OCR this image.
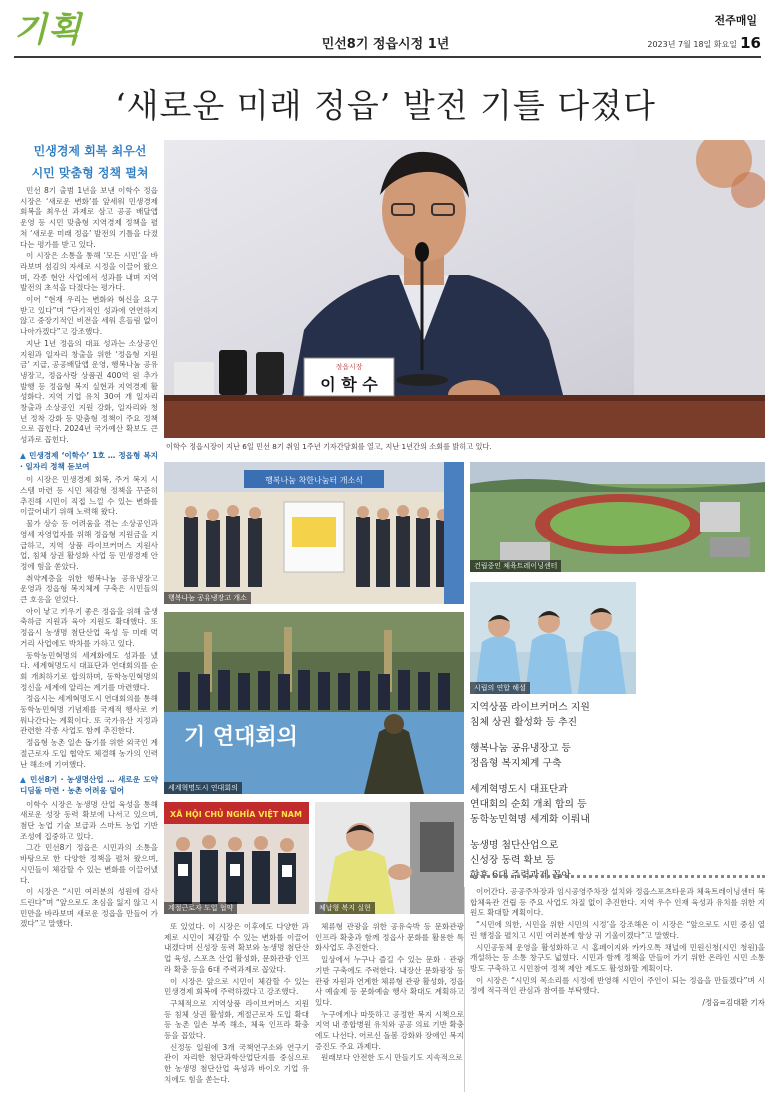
기획	민선8기 정읍시정 1년
전주매일
2023년 7월 18일 화요일 16
‘새로운 미래 정읍’ 발전 기틀 다졌다
민생경제 회복 최우선
시민 맞춤형 정책 펼쳐
정읍시장
이 학 수
이학수 정읍시장이 지난 6일 민선 8기 취임 1주년 기자간담회를 열고, 지난 1년간의 소회를 밝히고 있다.
행복나눔 착한나눔터 개소식
행복나눔 공유냉장고 개소
건립중인 체육트레이닝센터
시립의 연합 해설
기 연대회의
세계혁명도시 연대회의
XÃ HỘI CHỦ NGHĨA VIỆT NAM
계절근로자 도입 협약	체납형 복지 실현
지역상품 라이브커머스 지원
침체 상권 활성화 등 추진
행복나눔 공유냉장고 등
정읍형 복지체계 구축
세계혁명도시 대표단과
연대회의 순회 개최 합의 등
동학농민혁명 세계화 이뤄내
농생명 첨단산업으로
신성장 동력 확보 등
향후 6대 주력과제 꼽아

민선 8기 출범 1년을 보낸 이학수 정읍시장은 ‘새로운 변화’를 앞세워 민생경제 회복을 최우선 과제로 삼고 공공 배달앱 운영 등 시민 맞춤형 지역경제 정책을 펼쳐 ‘새로운 미래 정읍’ 발전의 기틀을 다졌다는 평가를 받고 있다.

이 시장은 소통을 통해 ‘모든 시민’을 바라보며 섬김의 자세로 시정을 이끌어 왔으며, 각종 현안 사업에서 성과를 내며 지역 발전의 초석을 다졌다는 평가다.

이어 “현재 우리는 변화와 혁신을 요구받고 있다”며 “단기적인 성과에 연연하지 않고 중장기적인 비전을 세워 흔들림 없이 나아가겠다”고 강조했다.

지난 1년 정읍의 대표 성과는 소상공인 지원과 일자리 창출을 위한 ‘정읍형 지원금’ 지급, 공공배달앱 운영, 행복나눔 공유냉장고, 정읍사랑 상품권 400억 원 추가 발행 등 정읍형 복지 실현과 지역경제 활성화다. 지역 기업 유치 30여 개 일자리 창출과 소상공인 지원 강화, 일자리와 청년 정착 강화 등 맞춤형 정책이 주요 정책으로 꼽힌다. 2024년 국가예산 확보도 큰 성과로 꼽힌다.

▲ 민생경제 ‘이학수’ 1호 … 정읍형 복지 · 일자리 정책 돋보여

이 시장은 민생경제 회복, 주거 복지 시스템 마련 등 시민 체감형 정책을 꾸준히 추진해 시민이 직접 느낄 수 있는 변화를 이끌어내기 위해 노력해 왔다.

물가 상승 등 어려움을 겪는 소상공인과 영세 자영업자를 위해 정읍형 지원금을 지급하고, 지역 상품 라이브커머스 지원사업, 침체 상권 활성화 사업 등 민생경제 안정에 힘을 쏟았다.

취약계층을 위한 행복나눔 공유냉장고 운영과 정읍형 복지체계 구축은 시민들의 큰 호응을 얻었다.

아이 낳고 키우기 좋은 정읍을 위해 출생 축하금 지원과 육아 지원도 확대했다. 또 정읍시 농생명 첨단산업 육성 등 미래 먹거리 사업에도 박차를 가하고 있다.

동학농민혁명의 세계화에도 성과를 냈다. 세계혁명도시 대표단과 연대회의를 순회 개최하기로 합의하며, 동학농민혁명의 정신을 세계에 알리는 계기를 마련했다.

정읍시는 세계혁명도시 연대회의를 통해 동학농민혁명 기념제를 국제적 행사로 키워나간다는 계획이다. 또 국가유산 지정과 관련한 각종 사업도 함께 추진한다.

정읍형 농촌 일손 돕기를 위한 외국인 계절근로자 도입 협약도 체결해 농가의 인력난 해소에 기여했다.

▲ 민선8기 · 농생명산업 … 새로운 도약 디딤돌 마련 · 농촌 어려움 덜어

이학수 시장은 농생명 산업 육성을 통해 새로운 성장 동력 확보에 나서고 있으며, 첨단 농업 기술 보급과 스마트 농업 기반 조성에 집중하고 있다.

그간 민선8기 정읍은 시민과의 소통을 바탕으로 한 다양한 정책을 펼쳐 왔으며, 시민들이 체감할 수 있는 변화를 이끌어냈다.

이 시장은 “시민 여러분의 성원에 감사드린다”며 “앞으로도 초심을 잃지 않고 시민만을 바라보며 새로운 정읍을 만들어 가겠다”고 말했다.	또 있었다. 이 시장은 이후에도 다양한 과제로 시민이 체감할 수 있는 변화를 이끌어내겠다며 신성장 동력 확보와 농생명 첨단산업 육성, 스포츠 산업 활성화, 문화관광 인프라 확충 등을 6대 주력과제로 꼽았다.

이 시장은 앞으로 시민이 체감할 수 있는 민생경제 회복에 주력하겠다고 강조했다.

구체적으로 지역상품 라이브커머스 지원 등 침체 상권 활성화, 계절근로자 도입 확대 등 농촌 일손 부족 해소, 체육 인프라 확충 등을 꼽았다.

신정동 일원에 3개 국책연구소와 연구기관이 자리한 첨단과학산업단지를 중심으로 한 농생명 첨단산업 육성과 바이오 기업 유치에도 힘을 쏟는다.

체류형 관광을 위한 공유숙박 등 문화관광 인프라 확충과 함께 정읍사 문화를 활용한 특화사업도 추진한다.

일상에서 누구나 즐길 수 있는 문화 · 관광 기반 구축에도 주력한다. 내장산 문화광장 등 관광 자원과 연계한 체류형 관광 활성화, 정읍사 예술제 등 문화예술 행사 확대도 계획하고 있다.

누구에게나 따뜻하고 공정한 복지 시책으로 지역 내 종합병원 유치와 공공 의료 기반 확충에도 나선다. 어르신 돌봄 강화와 장애인 복지 증진도 주요 과제다.

원래보다 안전한 도시 만들기도 지속적으로

이어간다. 공공주차장과 임시공영주차장 설치와 정읍스포츠타운과 체육트레이닝센터 복합체육관 건립 등 주요 사업도 차질 없이 추진한다. 지역 우수 인재 육성과 유치를 위한 지원도 확대할 계획이다.

“시민에 의한, 시민을 위한 시민의 시정’을 강조해온 이 시장은 “앞으로도 시민 중심 열린 행정을 펼치고 시민 여러분께 항상 귀 기울이겠다”고 말했다.

시민공동체 운영을 활성화하고 시 홈페이지와 카카오톡 채널에 민원신청(시민 청원)을 개설하는 등 소통 창구도 넓혔다. 시민과 함께 정책을 만들어 가기 위한 온라인 시민 소통방도 구축하고 시민참여 정책 제안 제도도 활성화할 계획이다.

이 시장은 “시민의 목소리를 시정에 반영해 시민이 주인이 되는 정읍을 만들겠다”며 시정에 적극적인 관심과 참여를 부탁했다.

/정읍=김대환 기자
